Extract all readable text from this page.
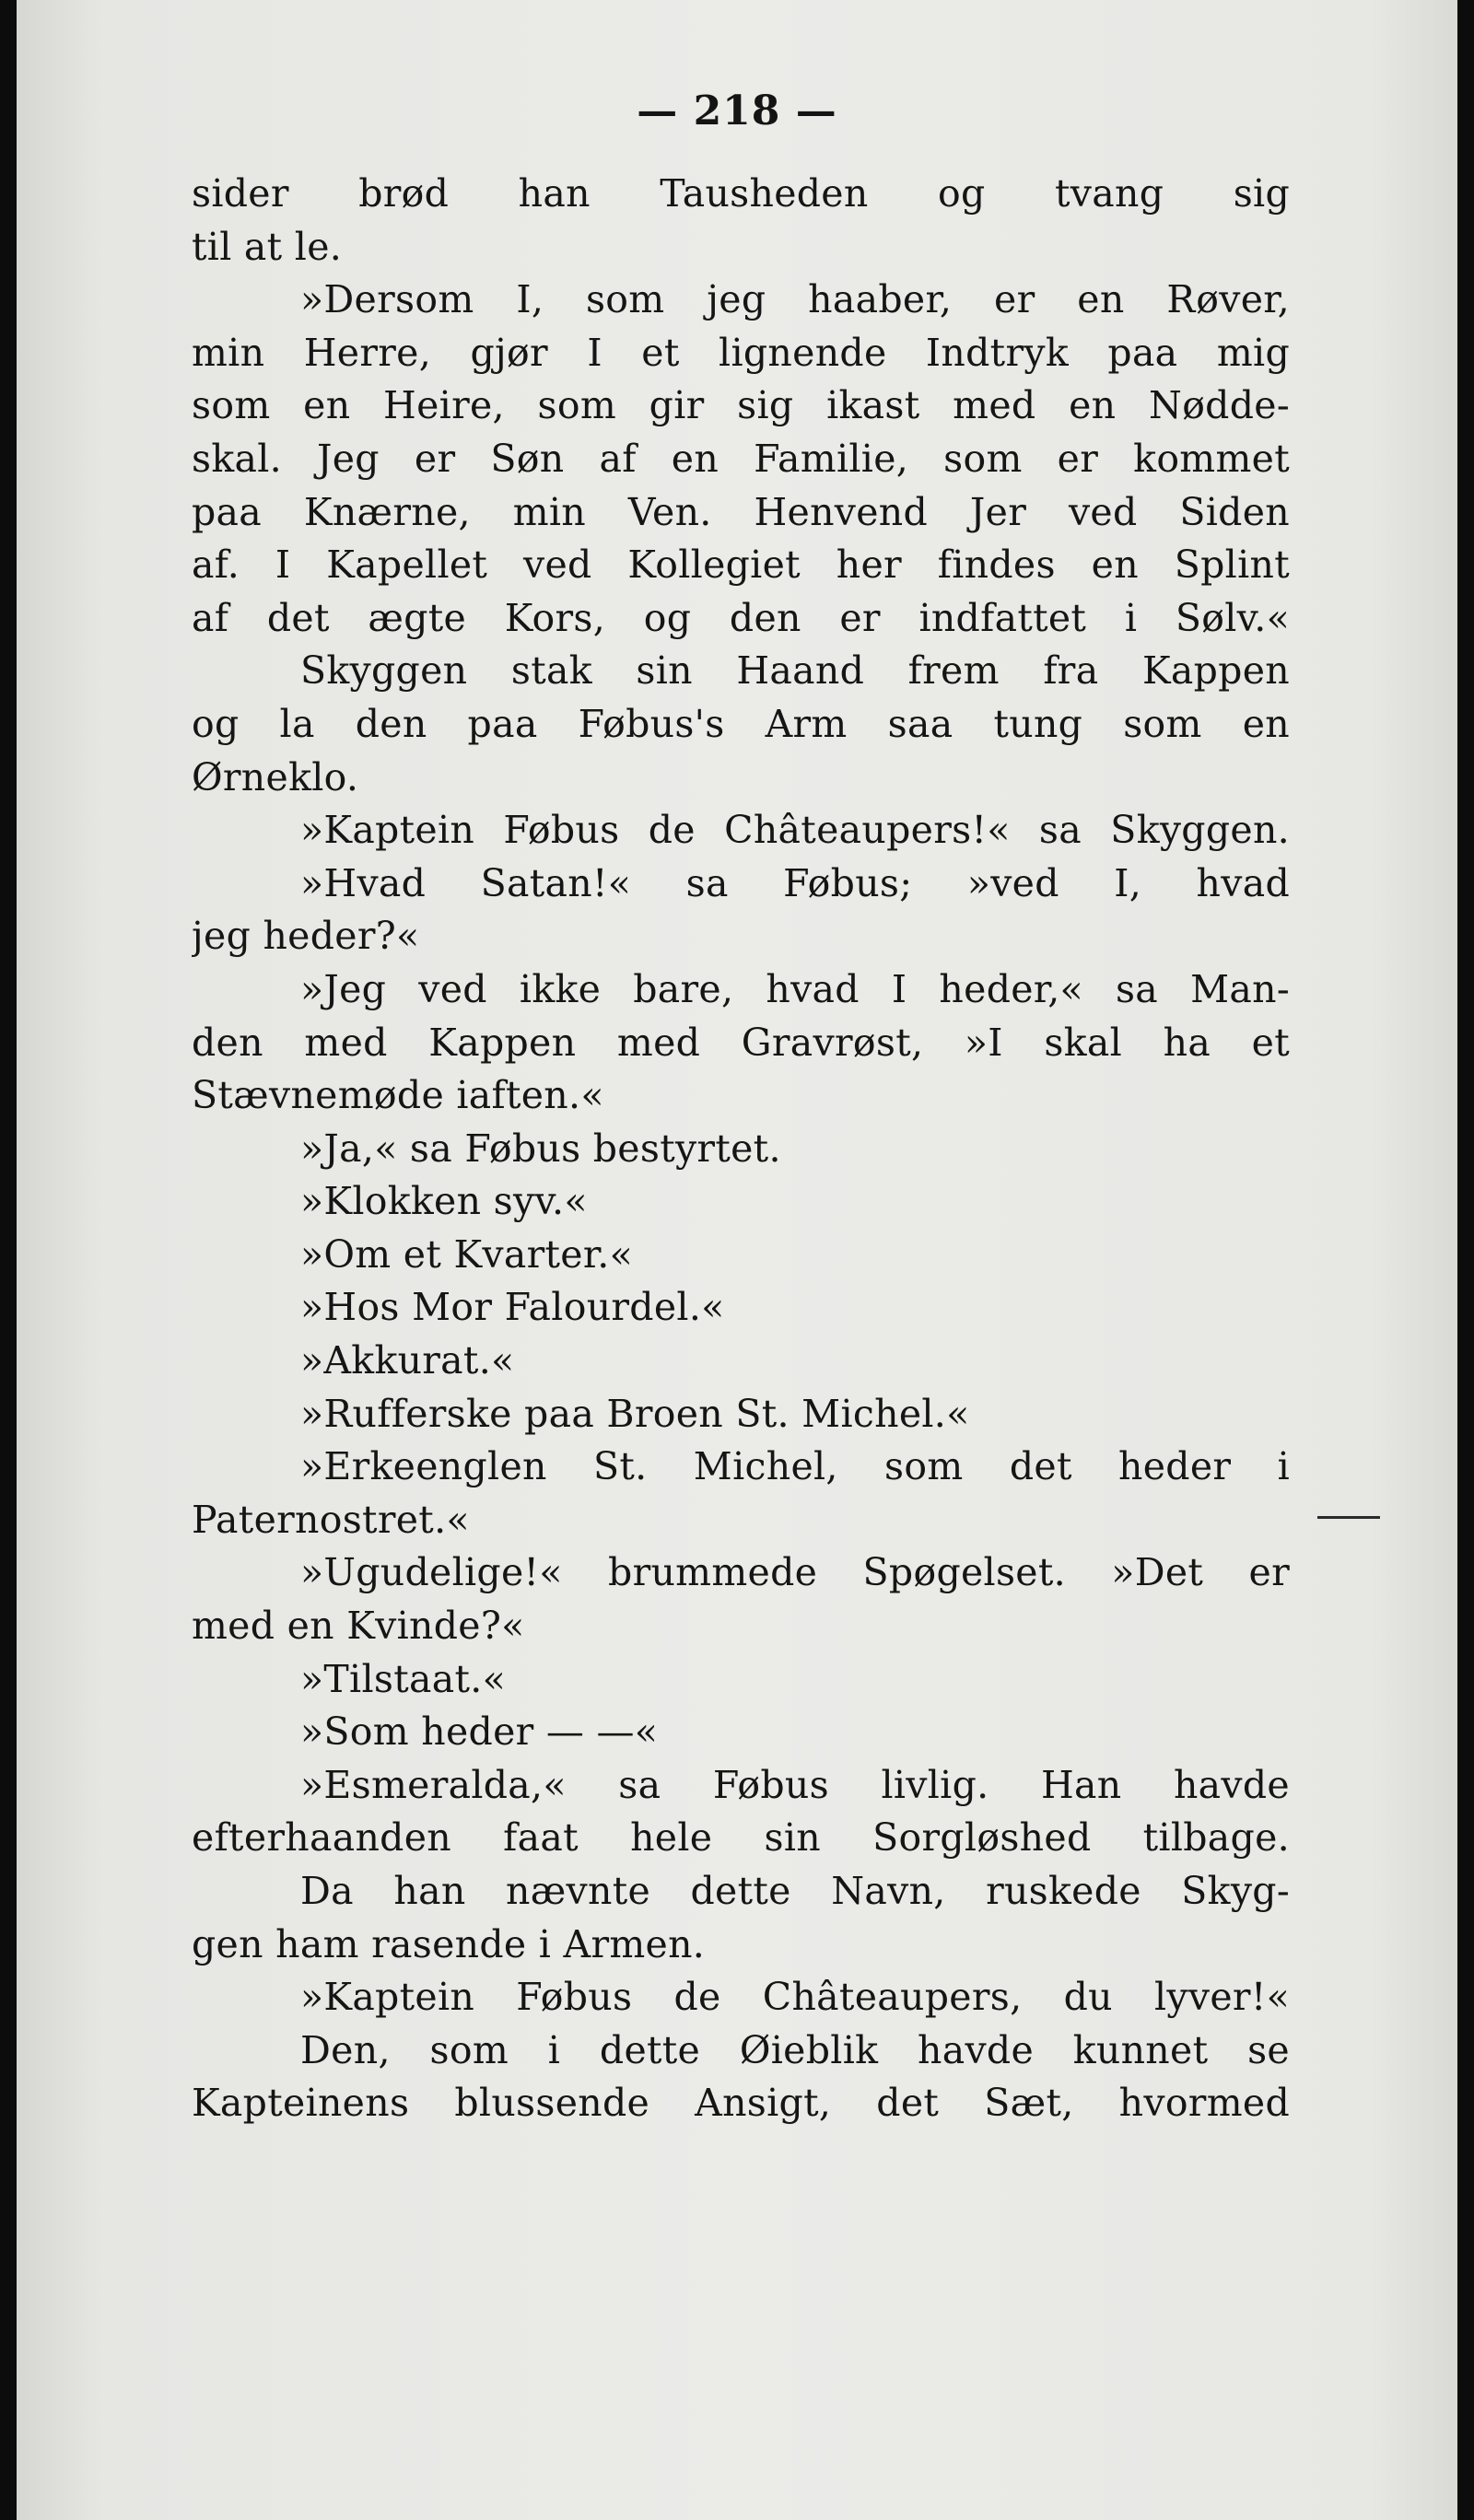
— 218 —
sider brød han Tausheden og tvang sig
til at le.
»Dersom I, som jeg haaber, er en Røver,
min Herre, gjør I et lignende Indtryk paa mig
som en Heire, som gir sig ikast med en Nødde-
skal. Jeg er Søn af en Familie, som er kommet
paa Knærne, min Ven. Henvend Jer ved Siden
af. I Kapellet ved Kollegiet her findes en Splint
af det ægte Kors, og den er indfattet i Sølv.«
Skyggen stak sin Haand frem fra Kappen
og la den paa Føbus's Arm saa tung som en
Ørneklo.
»Kaptein Føbus de Châteaupers!« sa Skyggen.
»Hvad Satan!« sa Føbus; »ved I, hvad
jeg heder?«
»Jeg ved ikke bare, hvad I heder,« sa Man-
den med Kappen med Gravrøst, »I skal ha et
Stævnemøde iaften.«
»Ja,« sa Føbus bestyrtet.
»Klokken syv.«
»Om et Kvarter.«
»Hos Mor Falourdel.«
»Akkurat.«
»Rufferske paa Broen St. Michel.«
»Erkeenglen St. Michel, som det heder i
Paternostret.«
»Ugudelige!« brummede Spøgelset. »Det er
med en Kvinde?«
»Tilstaat.«
»Som heder — —«
»Esmeralda,« sa Føbus livlig. Han havde
efterhaanden faat hele sin Sorgløshed tilbage.
Da han nævnte dette Navn, ruskede Skyg-
gen ham rasende i Armen.
»Kaptein Føbus de Châteaupers, du lyver!«
Den, som i dette Øieblik havde kunnet se
Kapteinens blussende Ansigt, det Sæt, hvormed
